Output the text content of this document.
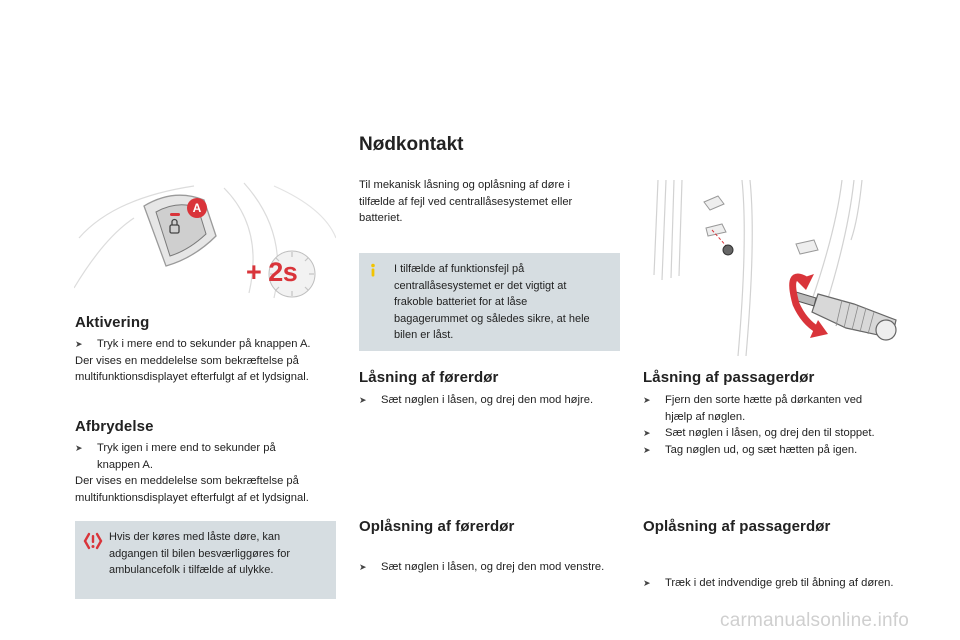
A
+ 2s
Aktivering
➤ Tryk i mere end to sekunder på knappen A.

Der vises en meddelelse som bekræftelse på multifunktionsdisplayet efterfulgt af et lydsignal.

Afbrydelse
➤ Tryk igen i mere end to sekunder på knappen A.

Der vises en meddelelse som bekræftelse på multifunktionsdisplayet efterfulgt af et lydsignal.

Hvis der køres med låste døre, kan adgangen til bilen besværliggøres for ambulancefolk i tilfælde af ulykke.
Nødkontakt

Til mekanisk låsning og oplåsning af døre i tilfælde af fejl ved centrallåsesystemet eller batteriet.

I tilfælde af funktionsfejl på centrallåsesystemet er det vigtigt at frakoble batteriet for at låse bagagerummet og således sikre, at hele bilen er låst.
Låsning af førerdør
➤ Sæt nøglen i låsen, og drej den mod højre.
Oplåsning af førerdør
➤ Sæt nøglen i låsen, og drej den mod venstre.
Låsning af passagerdør
➤ Fjern den sorte hætte på dørkanten ved hjælp af nøglen.
➤ Sæt nøglen i låsen, og drej den til stoppet.
➤ Tag nøglen ud, og sæt hætten på igen.
Oplåsning af passagerdør
➤ Træk i det indvendige greb til åbning af døren.
carmanualsonline.info
